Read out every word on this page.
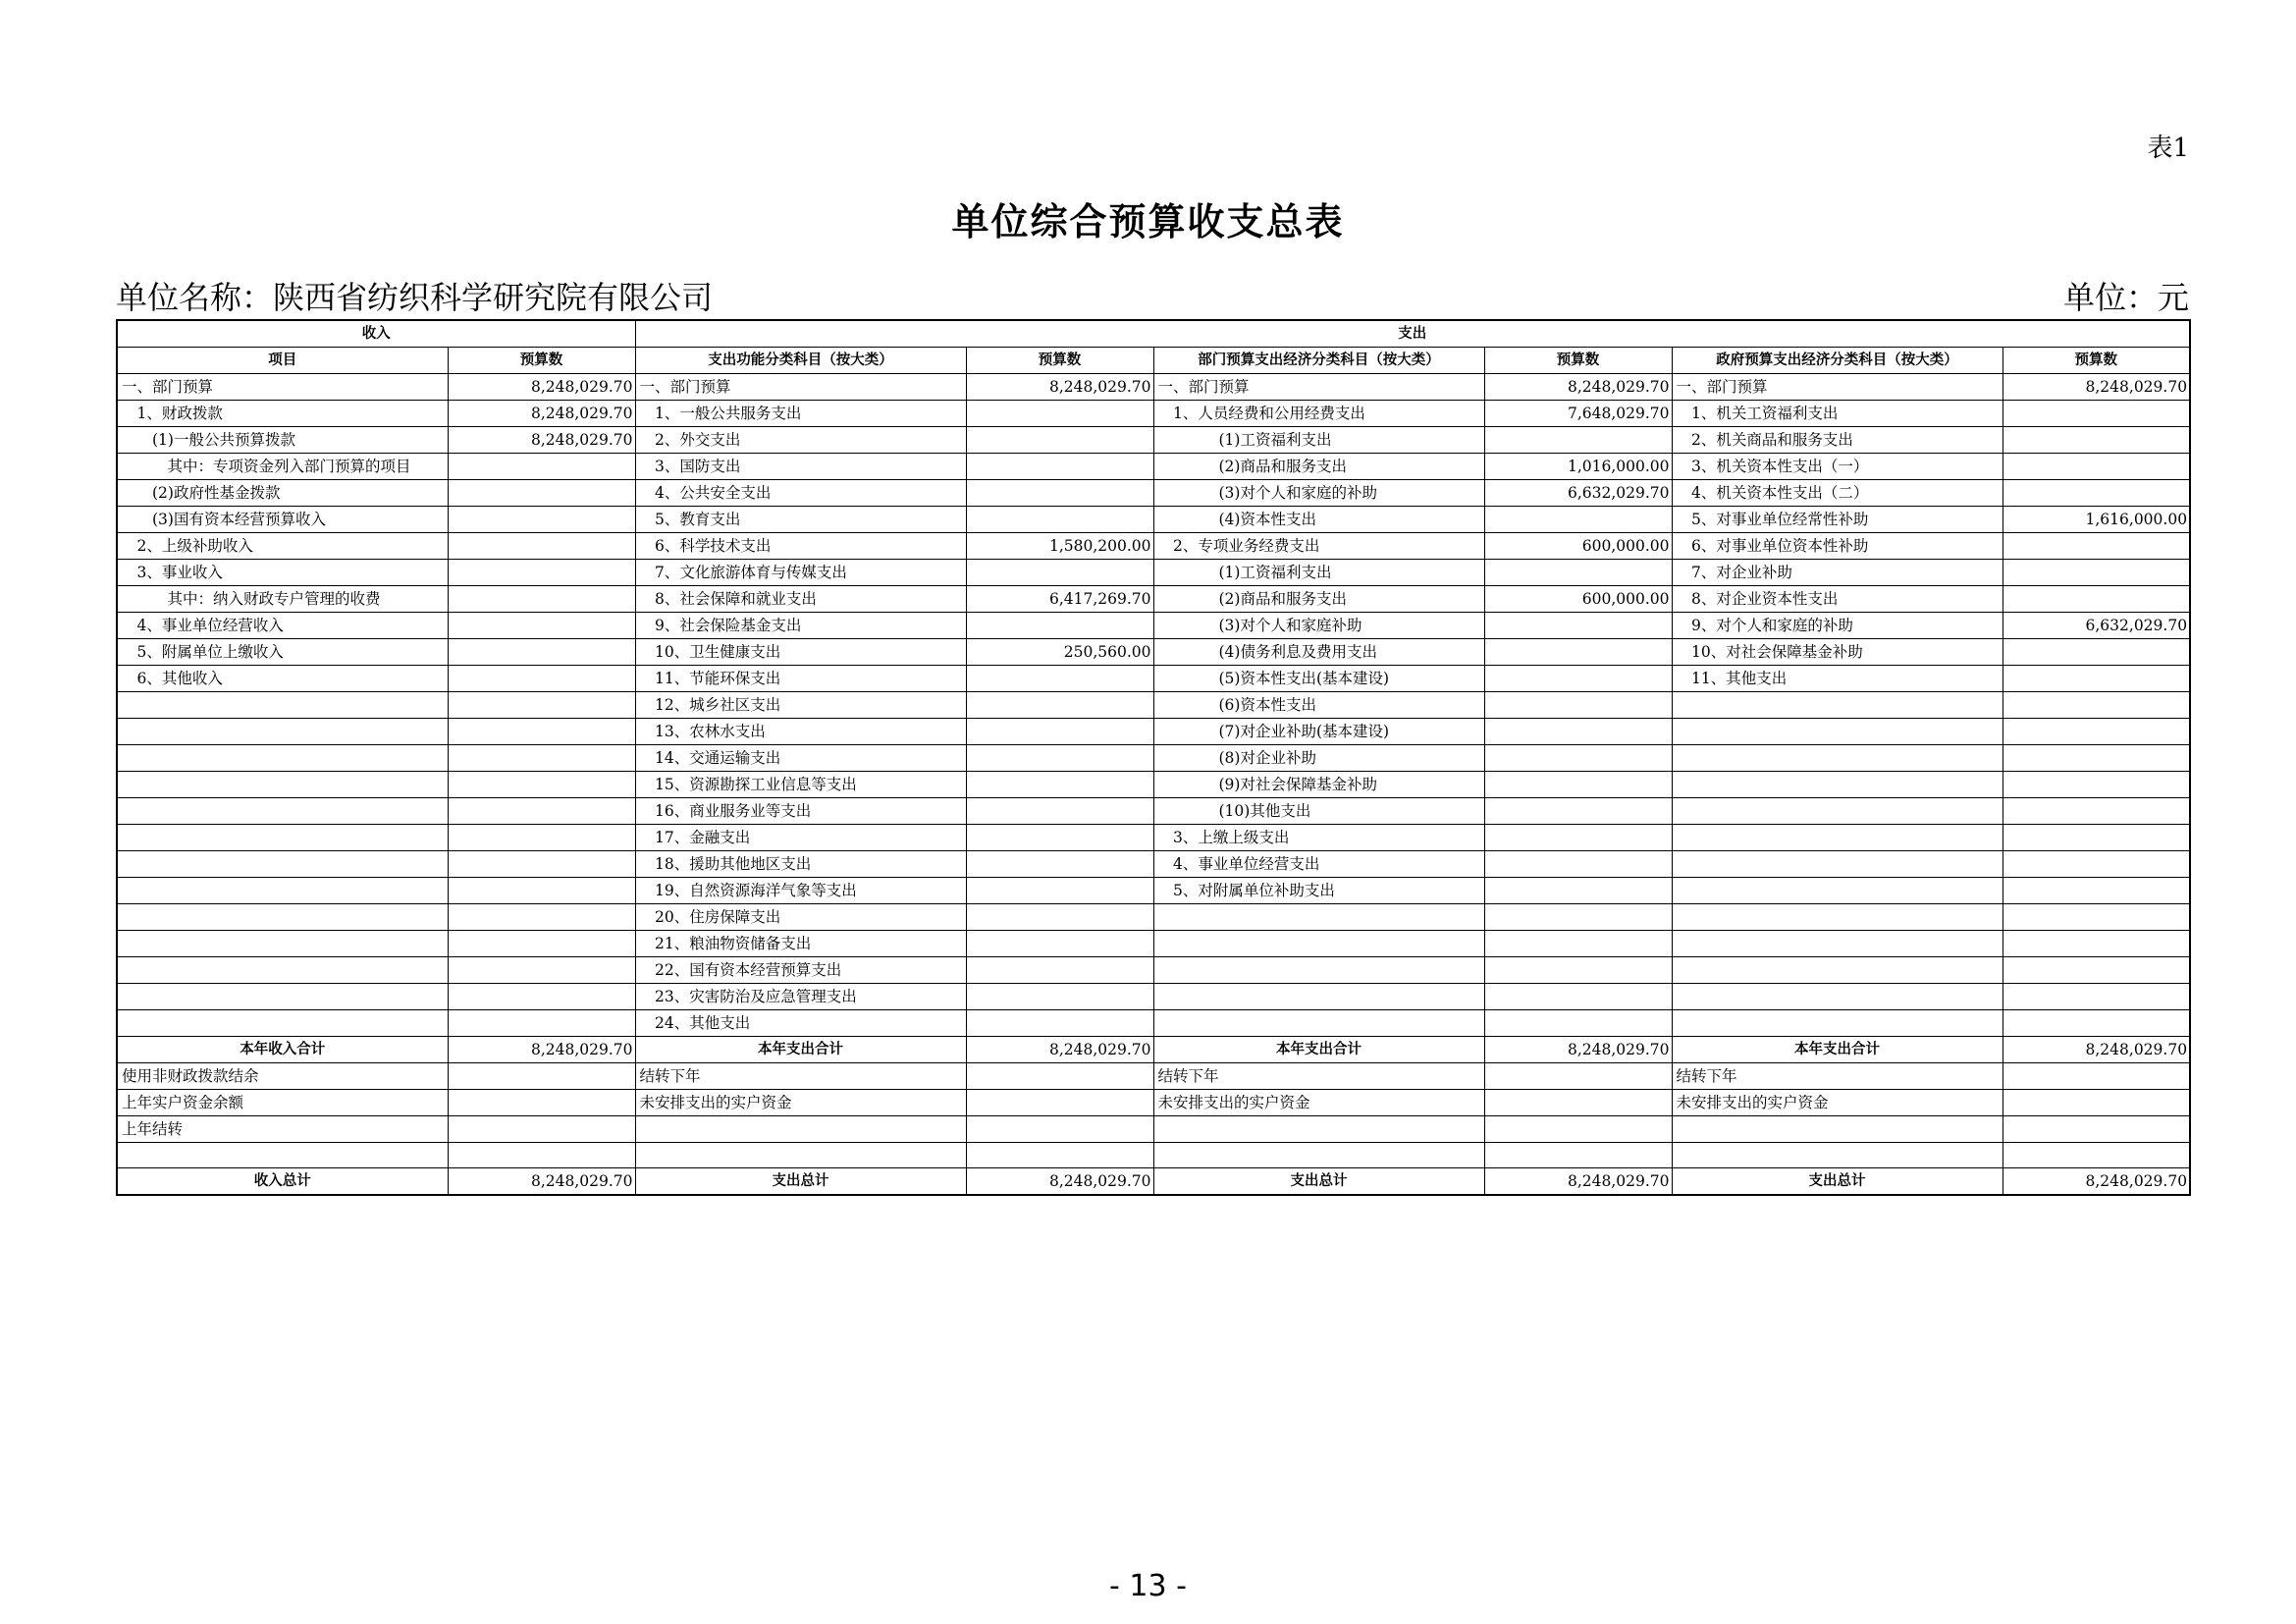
表1
单位综合预算收支总表
单位名称：陕西省纺织科学研究院有限公司	单位：元
收入		支出					
项目	预算数	支出功能分类科目（按大类）	预算数	部门预算支出经济分类科目（按大类）	预算数	政府预算支出经济分类科目（按大类）	预算数
一、部门预算	8,248,029.70	一、部门预算	8,248,029.70	一、部门预算	8,248,029.70	一、部门预算	8,248,029.70
　1、财政拨款	8,248,029.70	　1、一般公共服务支出		　1、人员经费和公用经费支出	7,648,029.70	　1、机关工资福利支出	
　　(1)一般公共预算拨款	8,248,029.70	　2、外交支出		　　　　(1)工资福利支出		　2、机关商品和服务支出	
　　　其中：专项资金列入部门预算的项目		　3、国防支出		　　　　(2)商品和服务支出	1,016,000.00	　3、机关资本性支出（一）	
　　(2)政府性基金拨款		　4、公共安全支出		　　　　(3)对个人和家庭的补助	6,632,029.70	　4、机关资本性支出（二）	
　　(3)国有资本经营预算收入		　5、教育支出		　　　　(4)资本性支出		　5、对事业单位经常性补助	1,616,000.00
　2、上级补助收入		　6、科学技术支出	1,580,200.00	　2、专项业务经费支出	600,000.00	　6、对事业单位资本性补助	
　3、事业收入		　7、文化旅游体育与传媒支出		　　　　(1)工资福利支出		　7、对企业补助	
　　　其中：纳入财政专户管理的收费		　8、社会保障和就业支出	6,417,269.70	　　　　(2)商品和服务支出	600,000.00	　8、对企业资本性支出	
　4、事业单位经营收入		　9、社会保险基金支出		　　　　(3)对个人和家庭补助		　9、对个人和家庭的补助	6,632,029.70
　5、附属单位上缴收入		　10、卫生健康支出	250,560.00	　　　　(4)债务利息及费用支出		　10、对社会保障基金补助	
　6、其他收入		　11、节能环保支出		　　　　(5)资本性支出(基本建设)		　11、其他支出	
		　12、城乡社区支出		　　　　(6)资本性支出			
		　13、农林水支出		　　　　(7)对企业补助(基本建设)			
		　14、交通运输支出		　　　　(8)对企业补助			
		　15、资源勘探工业信息等支出		　　　　(9)对社会保障基金补助			
		　16、商业服务业等支出		　　　　(10)其他支出			
		　17、金融支出		　3、上缴上级支出			
		　18、援助其他地区支出		　4、事业单位经营支出			
		　19、自然资源海洋气象等支出		　5、对附属单位补助支出			
		　20、住房保障支出					
		　21、粮油物资储备支出					
		　22、国有资本经营预算支出					
		　23、灾害防治及应急管理支出					
		　24、其他支出					
本年收入合计	8,248,029.70	本年支出合计	8,248,029.70	本年支出合计	8,248,029.70	本年支出合计	8,248,029.70
使用非财政拨款结余		结转下年		结转下年		结转下年	
上年实户资金余额		未安排支出的实户资金		未安排支出的实户资金		未安排支出的实户资金	
上年结转							

收入总计	8,248,029.70	支出总计	8,248,029.70	支出总计	8,248,029.70	支出总计	8,248,029.70
- 13 -
